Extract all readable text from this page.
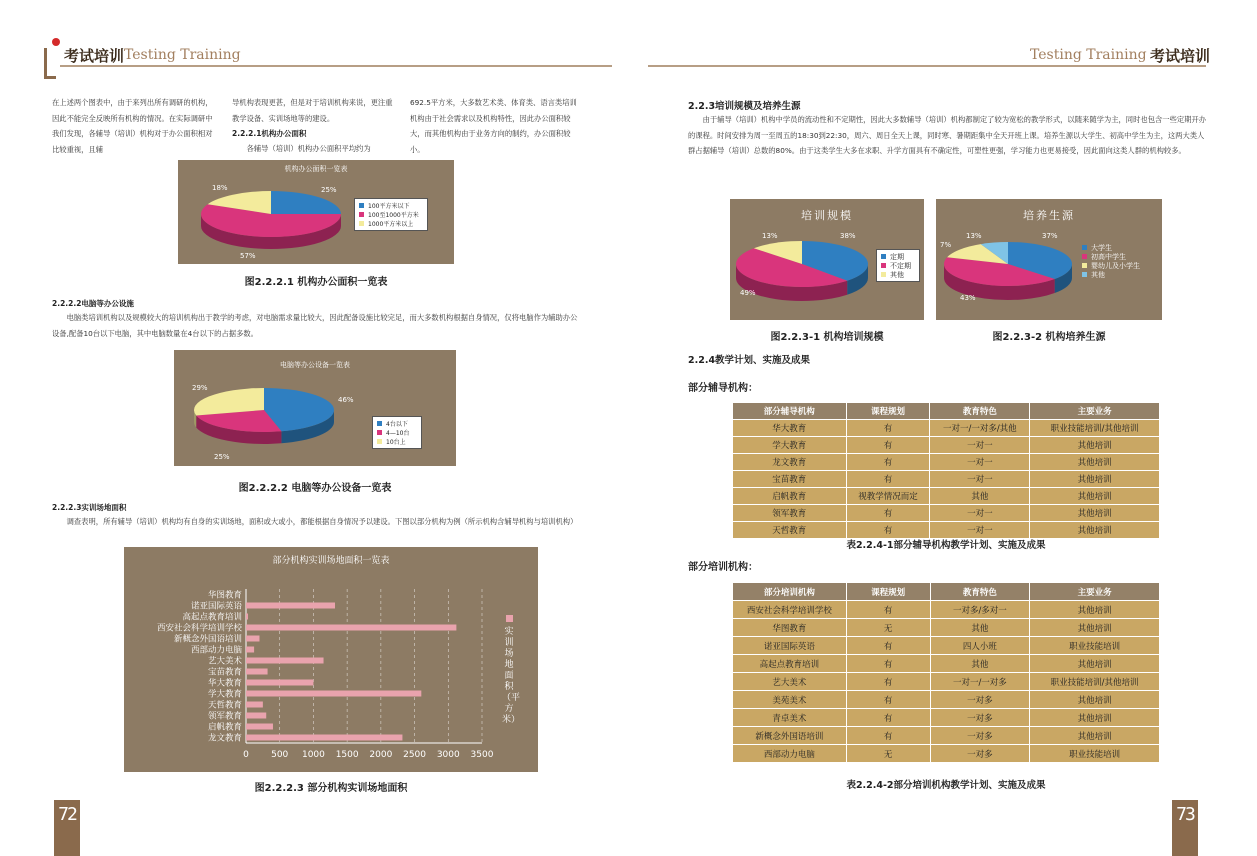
考试培训 Testing Training	Testing Training 考试培训
在上述两个图表中，由于来列出所有调研的机构，因此不能完全反映所有机构的情况。在实际调研中我们发现，各辅导（培训）机构对于办公面积相对比较重视，且辅
导机构表现更甚，但是对于培训机构来说，更注重教学设备、实训场地等的建设。
2.2.2.1机构办公面积
各辅导（培训）机构办公面积平均约为
692.5平方米，大多数艺术类、体育类、语言类培训机构由于社会需求以及机构特性，因此办公面积较大，而其他机构由于业务方向的制约，办公面积较小。
机构办公面积一览表
25%
57%
18%
100平方米以下
100至1000平方米
1000平方米以上
图2.2.2.1 机构办公面积一览表
2.2.2.2电脑等办公设施
电脑类培训机构以及规模较大的培训机构出于教学的考虑，对电脑需求量比较大，因此配备设施比较完足，而大多数机构根据自身情况，仅将电脑作为辅助办公设备,配备10台以下电脑，其中电脑数量在4台以下的占据多数。
电脑等办公设备一览表
46%
25%
29%
4台以下
4—10台
10台上
图2.2.2.2 电脑等办公设备一览表
2.2.2.3实训场地面积
调查表明，所有辅导（培训）机构均有自身的实训场地，面积或大或小，都能根据自身情况予以建设。下图以部分机构为例（所示机构含辅导机构与培训机构）
部分机构实训场地面积一览表
0 500 1000 1500 2000 2500 3000 3500
华图教育
诺亚国际英语
高起点教育培训
西安社会科学培训学校
新概念外国语培训
西部动力电脑
艺大美术
宝苗教育
华大教育
学大教育
天哲教育
领军教育
启帆教育
龙文教育
实训场地面积（平方米）
图2.2.2.3 部分机构实训场地面积
72
2.2.3培训规模及培养生源
由于辅导（培训）机构中学员的流动性和不定期性，因此大多数辅导（培训）机构都制定了较为宽松的教学形式，以随来随学为主，同时也包含一些定期开办的课程。时间安排为周一至周五的18:30到22:30，周六、周日全天上课，同时寒、暑期距集中全天开班上课。培养生源以大学生、初高中学生为主，这两大类人群占据辅导（培训）总数的80%。由于这类学生大多在求职、升学方面具有不确定性，可塑性更强，学习能力也更易接受，因此面向这类人群的机构较多。
培训规模
38%
49%
13%
定期
不定期
其他
图2.2.3-1 机构培训规模
培养生源
37%
43%
13%
7%	大学生
初高中学生
婴幼儿及小学生
其他
图2.2.3-2 机构培养生源
2.2.4教学计划、实施及成果
部分辅导机构：
部分辅导机构	课程规划	教育特色	主要业务
华大教育	有	一对一/一对多/其他	职业技能培训/其他培训
学大教育	有	一对一	其他培训
龙文教育	有	一对一	其他培训
宝苗教育	有	一对一	其他培训
启帆教育	视教学情况而定	其他	其他培训
领军教育	有	一对一	其他培训
天哲教育	有	一对一	其他培训
表2.2.4-1部分辅导机构教学计划、实施及成果
部分培训机构：
部分培训机构	课程规划	教育特色	主要业务
西安社会科学培训学校	有	一对多/多对一	其他培训
华图教育	无	其他	其他培训
诺亚国际英语	有	四人小班	职业技能培训
高起点教育培训	有	其他	其他培训
艺大美术	有	一对一/一对多	职业技能培训/其他培训
美苑美术	有	一对多	其他培训
青卓美术	有	一对多	其他培训
新概念外国语培训	有	一对多	其他培训
西部动力电脑	无	一对多	职业技能培训
表2.2.4-2部分培训机构教学计划、实施及成果
73
